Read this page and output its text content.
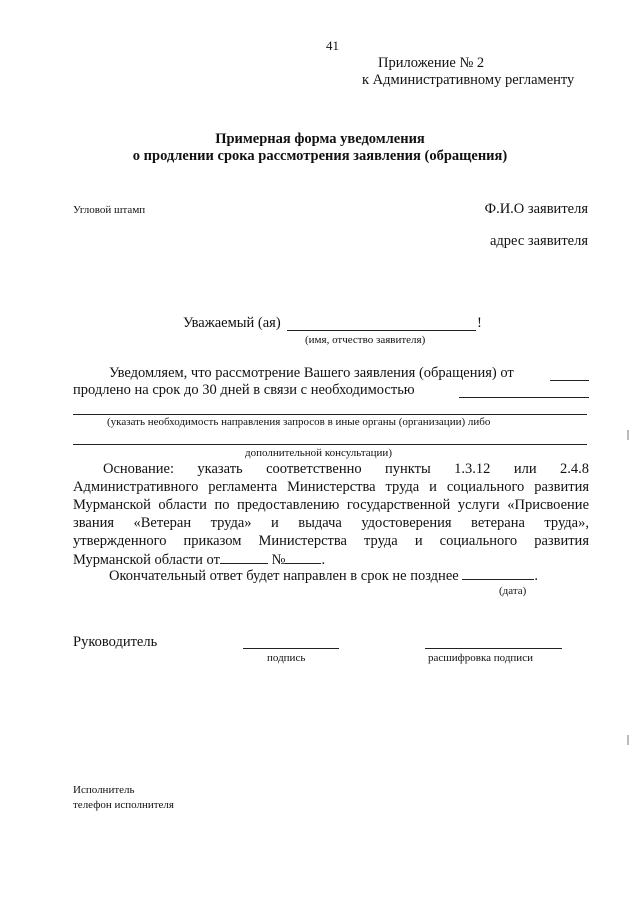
41
Приложение № 2
к Административному регламенту
Примерная форма уведомления
о продлении срока рассмотрения заявления (обращения)
Угловой штамп	Ф.И.О заявителя
адрес заявителя
Уважаемый (ая)	!
(имя, отчество заявителя)
Уведомляем, что рассмотрение Вашего заявления (обращения) от
продлено на срок до 30 дней в связи с необходимостью
(указать необходимость направления запросов в иные органы (организации) либо
дополнительной консультации)
Основание: указать соответственно пункты 1.3.12 или 2.4.8
Административного регламента Министерства труда и социального развития
Мурманской области по предоставлению государственной услуги «Присвоение
звания «Ветеран труда» и выдача удостоверения ветерана труда»,
утвержденного приказом Министерства труда и социального развития
Мурманской области от	№ .
Окончательный ответ будет направлен в срок не позднее	.
(дата)
Руководитель
подпись	расшифровка подписи
Исполнитель
телефон исполнителя
